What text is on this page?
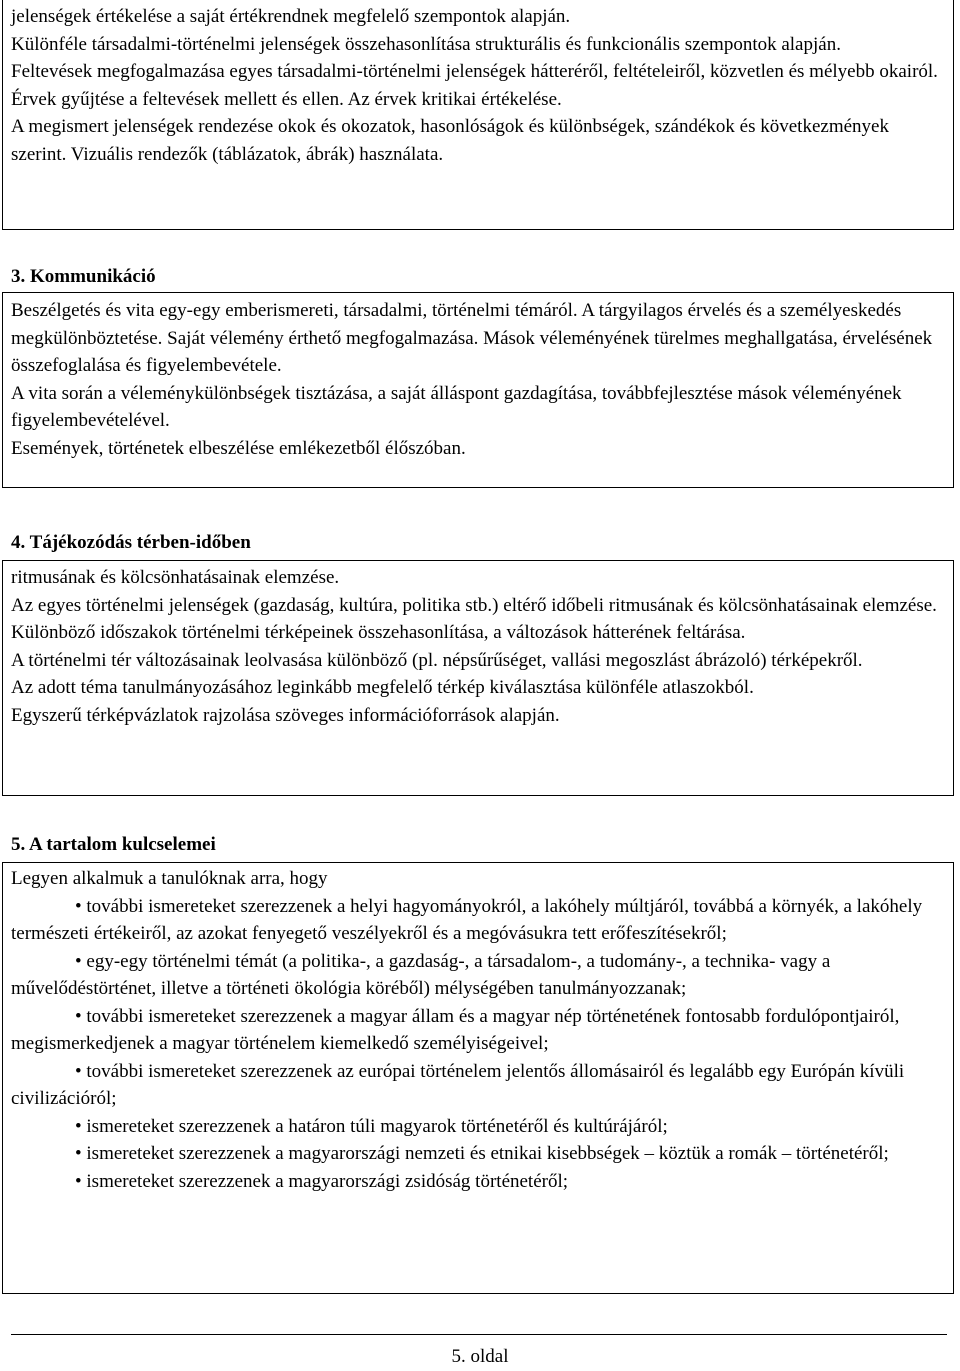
jelenségek értékelése a saját értékrendnek megfelelő szempontok alapján.

Különféle társadalmi-történelmi jelenségek összehasonlítása strukturális és funkcionális szempontok alapján.

Feltevések megfogalmazása egyes társadalmi-történelmi jelenségek hátteréről, feltételeiről, közvetlen és mélyebb okairól. Érvek gyűjtése a feltevések mellett és ellen. Az érvek kritikai értékelése.

A megismert jelenségek rendezése okok és okozatok, hasonlóságok és különbségek, szándékok és következmények szerint. Vizuális rendezők (táblázatok, ábrák) használata.

3. Kommunikáció

Beszélgetés és vita egy-egy emberismereti, társadalmi, történelmi témáról. A tárgyilagos érvelés és a személyeskedés megkülönböztetése. Saját vélemény érthető megfogalmazása. Mások véleményének türelmes meghallgatása, érvelésének összefoglalása és figyelembevétele.

A vita során a véleménykülönbségek tisztázása, a saját álláspont gazdagítása, továbbfejlesztése mások véleményének figyelembevételével.

Események, történetek elbeszélése emlékezetből élőszóban.

4. Tájékozódás térben-időben

ritmusának és kölcsönhatásainak elemzése.

Az egyes történelmi jelenségek (gazdaság, kultúra, politika stb.) eltérő időbeli ritmusának és kölcsönhatásainak elemzése.

Különböző időszakok történelmi térképeinek összehasonlítása, a változások hátterének feltárása.

A történelmi tér változásainak leolvasása különböző (pl. népsűrűséget, vallási megoszlást ábrázoló) térképekről.

Az adott téma tanulmányozásához leginkább megfelelő térkép kiválasztása különféle atlaszokból.

Egyszerű térképvázlatok rajzolása szöveges információforrások alapján.

5. A tartalom kulcselemei

Legyen alkalmuk a tanulóknak arra, hogy

• további ismereteket szerezzenek a helyi hagyományokról, a lakóhely múltjáról, továbbá a környék, a lakóhely természeti értékeiről, az azokat fenyegető veszélyekről és a megóvásukra tett erőfeszítésekről;

• egy-egy történelmi témát (a politika-, a gazdaság-, a társadalom-, a tudomány-, a technika- vagy a művelődéstörténet, illetve a történeti ökológia köréből) mélységében tanulmányozzanak;

• további ismereteket szerezzenek a magyar állam és a magyar nép történetének fontosabb fordulópontjairól, megismerkedjenek a magyar történelem kiemelkedő személyiségeivel;

• további ismereteket szerezzenek az európai történelem jelentős állomásairól és legalább egy Európán kívüli civilizációról;

• ismereteket szerezzenek a határon túli magyarok történetéről és kultúrájáról;

• ismereteket szerezzenek a magyarországi nemzeti és etnikai kisebbségek – köztük a romák – történetéről;

• ismereteket szerezzenek a magyarországi zsidóság történetéről;

5. oldal
